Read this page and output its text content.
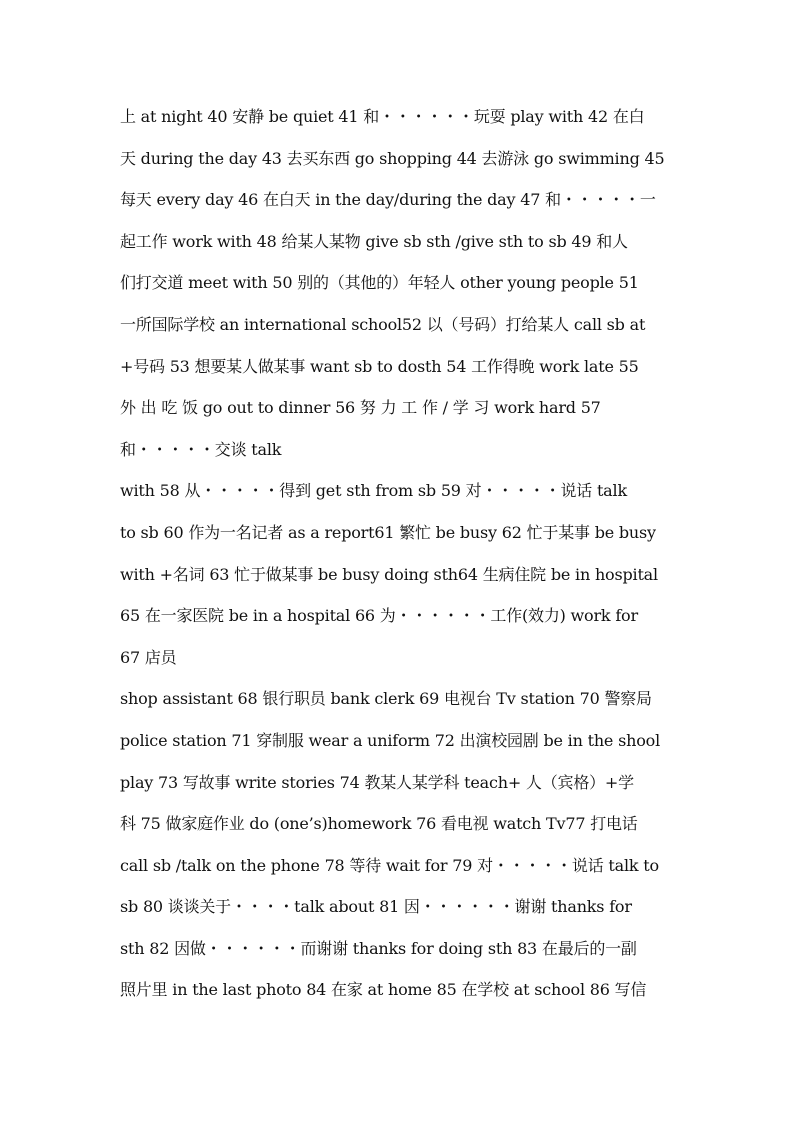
上 at night 40 安静 be quiet 41 和・・・・・・玩耍 play with 42 在白
天 during the day 43 去买东西 go shopping 44 去游泳 go swimming 45
每天 every day 46 在白天 in the day/during the day 47 和・・・・・一
起工作 work with 48 给某人某物 give sb sth /give sth to sb 49 和人
们打交道 meet with 50 别的（其他的）年轻人 other young people 51
一所国际学校 an international school52 以（号码）打给某人 call sb at
+号码 53 想要某人做某事 want sb to dosth 54 工作得晚 work late 55
外 出 吃 饭 go out to dinner 56 努 力 工 作 / 学 习 work hard 57
和・・・・・交谈 talk
with 58 从・・・・・得到 get sth from sb 59 对・・・・・说话 talk
to sb 60 作为一名记者 as a report61 繁忙 be busy 62 忙于某事 be busy
with +名词 63 忙于做某事 be busy doing sth64 生病住院 be in hospital
65 在一家医院 be in a hospital 66 为・・・・・・工作(效力) work for
67 店员
shop assistant 68 银行职员 bank clerk 69 电视台 Tv station 70 警察局
police station 71 穿制服 wear a uniform 72 出演校园剧 be in the shool
play 73 写故事 write stories 74 教某人某学科 teach+ 人（宾格）+学
科 75 做家庭作业 do (one’s)homework 76 看电视 watch Tv77 打电话
call sb /talk on the phone 78 等待 wait for 79 对・・・・・说话 talk to
sb 80 谈谈关于・・・・talk about 81 因・・・・・・谢谢 thanks for
sth 82 因做・・・・・・而谢谢 thanks for doing sth 83 在最后的一副
照片里 in the last photo 84 在家 at home 85 在学校 at school 86 写信
